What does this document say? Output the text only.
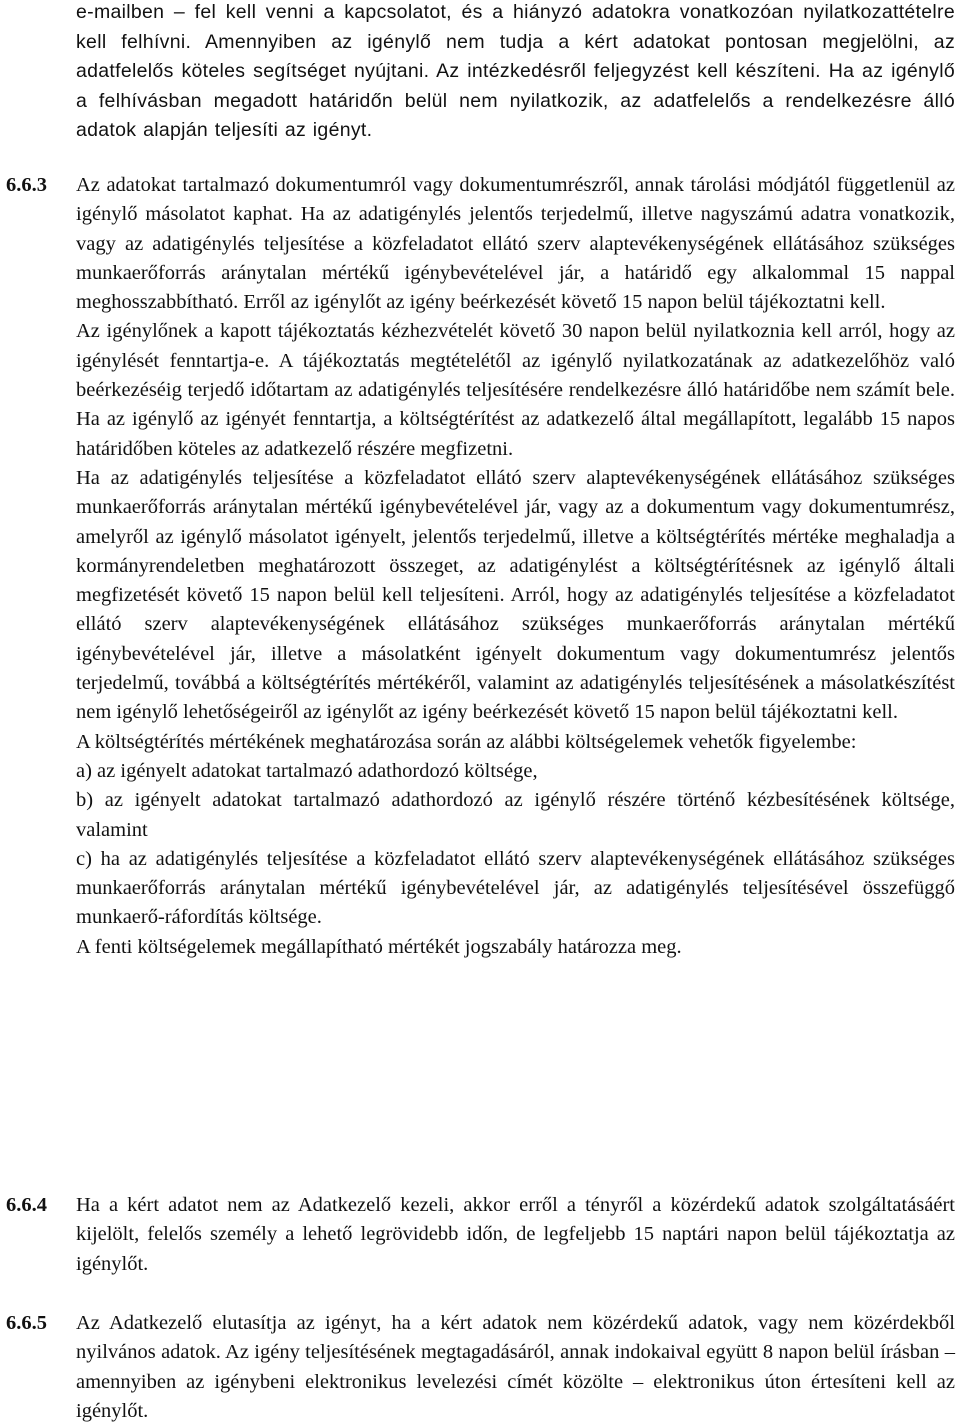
e-mailben – fel kell venni a kapcsolatot, és a hiányzó adatokra vonatkozóan nyilatkozattételre kell felhívni. Amennyiben az igénylő nem tudja a kért adatokat pontosan megjelölni, az adatfelelős köteles segítséget nyújtani. Az intézkedésről feljegyzést kell készíteni. Ha az igénylő a felhívásban megadott határidőn belül nem nyilatkozik, az adatfelelős a rendelkezésre álló adatok alapján teljesíti az igényt.

6.6.3	Az adatokat tartalmazó dokumentumról vagy dokumentumrészről, annak tárolási módjától függetlenül az igénylő másolatot kaphat. Ha az adatigénylés jelentős terjedelmű, illetve nagyszámú adatra vonatkozik, vagy az adatigénylés teljesítése a közfeladatot ellátó szerv alaptevékenységének ellátásához szükséges munkaerőforrás aránytalan mértékű igénybevételével jár, a határidő egy alkalommal 15 nappal meghosszabbítható. Erről az igénylőt az igény beérkezését követő 15 napon belül tájékoztatni kell.

Az igénylőnek a kapott tájékoztatás kézhezvételét követő 30 napon belül nyilatkoznia kell arról, hogy az igénylését fenntartja-e. A tájékoztatás megtételétől az igénylő nyilatkozatának az adatkezelőhöz való beérkezéséig terjedő időtartam az adatigénylés teljesítésére rendelkezésre álló határidőbe nem számít bele. Ha az igénylő az igényét fenntartja, a költségtérítést az adatkezelő által megállapított, legalább 15 napos határidőben köteles az adatkezelő részére megfizetni.

Ha az adatigénylés teljesítése a közfeladatot ellátó szerv alaptevékenységének ellátásához szükséges munkaerőforrás aránytalan mértékű igénybevételével jár, vagy az a dokumentum vagy dokumentumrész, amelyről az igénylő másolatot igényelt, jelentős terjedelmű, illetve a költségtérítés mértéke meghaladja a kormányrendeletben meghatározott összeget, az adatigénylést a költségtérítésnek az igénylő általi megfizetését követő 15 napon belül kell teljesíteni. Arról, hogy az adatigénylés teljesítése a közfeladatot ellátó szerv alaptevékenységének ellátásához szükséges munkaerőforrás aránytalan mértékű igénybevételével jár, illetve a másolatként igényelt dokumentum vagy dokumentumrész jelentős terjedelmű, továbbá a költségtérítés mértékéről, valamint az adatigénylés teljesítésének a másolatkészítést nem igénylő lehetőségeiről az igénylőt az igény beérkezését követő 15 napon belül tájékoztatni kell.

A költségtérítés mértékének meghatározása során az alábbi költségelemek vehetők figyelembe:

a) az igényelt adatokat tartalmazó adathordozó költsége,

b) az igényelt adatokat tartalmazó adathordozó az igénylő részére történő kézbesítésének költsége, valamint

c) ha az adatigénylés teljesítése a közfeladatot ellátó szerv alaptevékenységének ellátásához szükséges munkaerőforrás aránytalan mértékű igénybevételével jár, az adatigénylés teljesítésével összefüggő munkaerő-ráfordítás költsége.

A fenti költségelemek megállapítható mértékét jogszabály határozza meg.

6.6.4	Ha a kért adatot nem az Adatkezelő kezeli, akkor erről a tényről a közérdekű adatok szolgáltatásáért kijelölt, felelős személy a lehető legrövidebb időn, de legfeljebb 15 naptári napon belül tájékoztatja az igénylőt.

6.6.5	Az Adatkezelő elutasítja az igényt, ha a kért adatok nem közérdekű adatok, vagy nem közérdekből nyilvános adatok. Az igény teljesítésének megtagadásáról, annak indokaival együtt 8 napon belül írásban –amennyiben az igénybeni elektronikus levelezési címét közölte – elektronikus úton értesíteni kell az igénylőt.
